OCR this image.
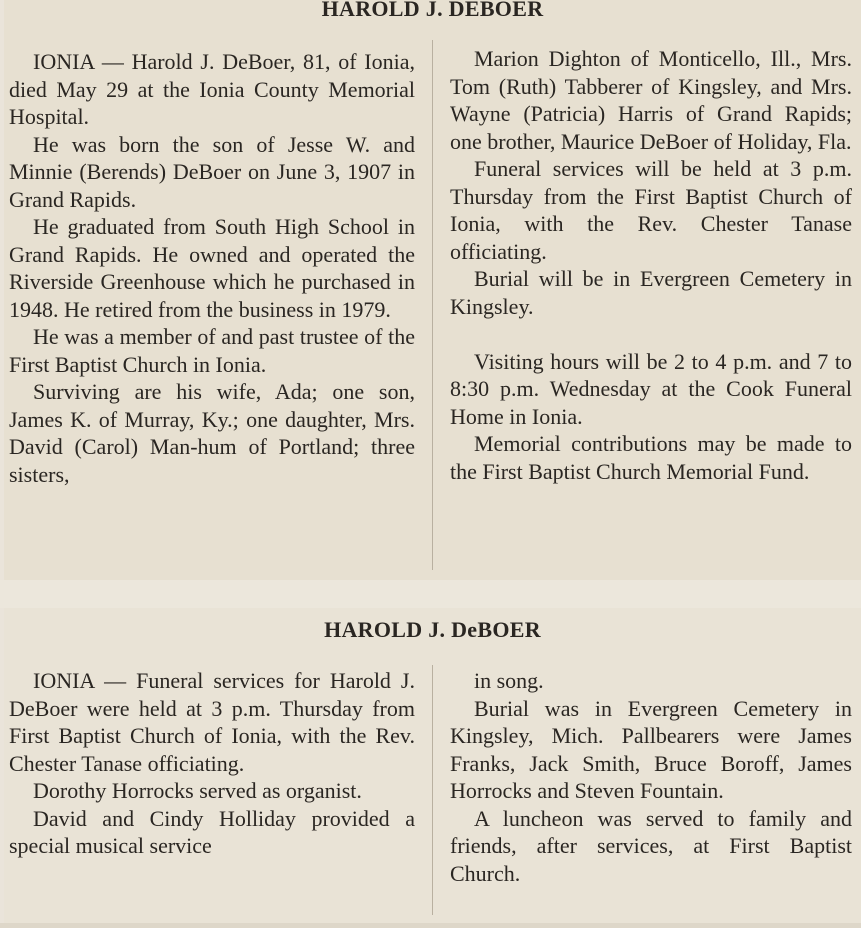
HAROLD J. DEBOER

IONIA — Harold J. DeBoer, 81, of Ionia, died May 29 at the Ionia County Memorial Hospital.

He was born the son of Jesse W. and Minnie (Berends) DeBoer on June 3, 1907 in Grand Rapids.

He graduated from South High School in Grand Rapids. He owned and operated the Riverside Greenhouse which he purchased in 1948. He retired from the business in 1979.

He was a member of and past trustee of the First Baptist Church in Ionia.

Surviving are his wife, Ada; one son, James K. of Murray, Ky.; one daughter, Mrs. David (Carol) Man-⁠hum of Portland; three sisters,

Marion Dighton of Monticello, Ill., Mrs. Tom (Ruth) Tabberer of Kingsley, and Mrs. Wayne (Patricia) Harris of Grand Rapids; one brother, Maurice DeBoer of Holiday, Fla.

Funeral services will be held at 3 p.m. Thursday from the First Baptist Church of Ionia, with the Rev. Chester Tanase officiating.

Burial will be in Evergreen Cemetery in Kingsley.

Visiting hours will be 2 to 4 p.m. and 7 to 8:30 p.m. Wednesday at the Cook Funeral Home in Ionia.

Memorial contributions may be made to the First Baptist Church Memorial Fund.

HAROLD J. DeBOER

IONIA — Funeral services for Harold J. DeBoer were held at 3 p.m. Thursday from First Baptist Church of Ionia, with the Rev. Chester Tanase officiating.

Dorothy Horrocks served as organist.

David and Cindy Holliday provided a special musical service

in song.

Burial was in Evergreen Cemetery in Kingsley, Mich. Pallbearers were James Franks, Jack Smith, Bruce Boroff, James Horrocks and Steven Fountain.

A luncheon was served to family and friends, after services, at First Baptist Church.
